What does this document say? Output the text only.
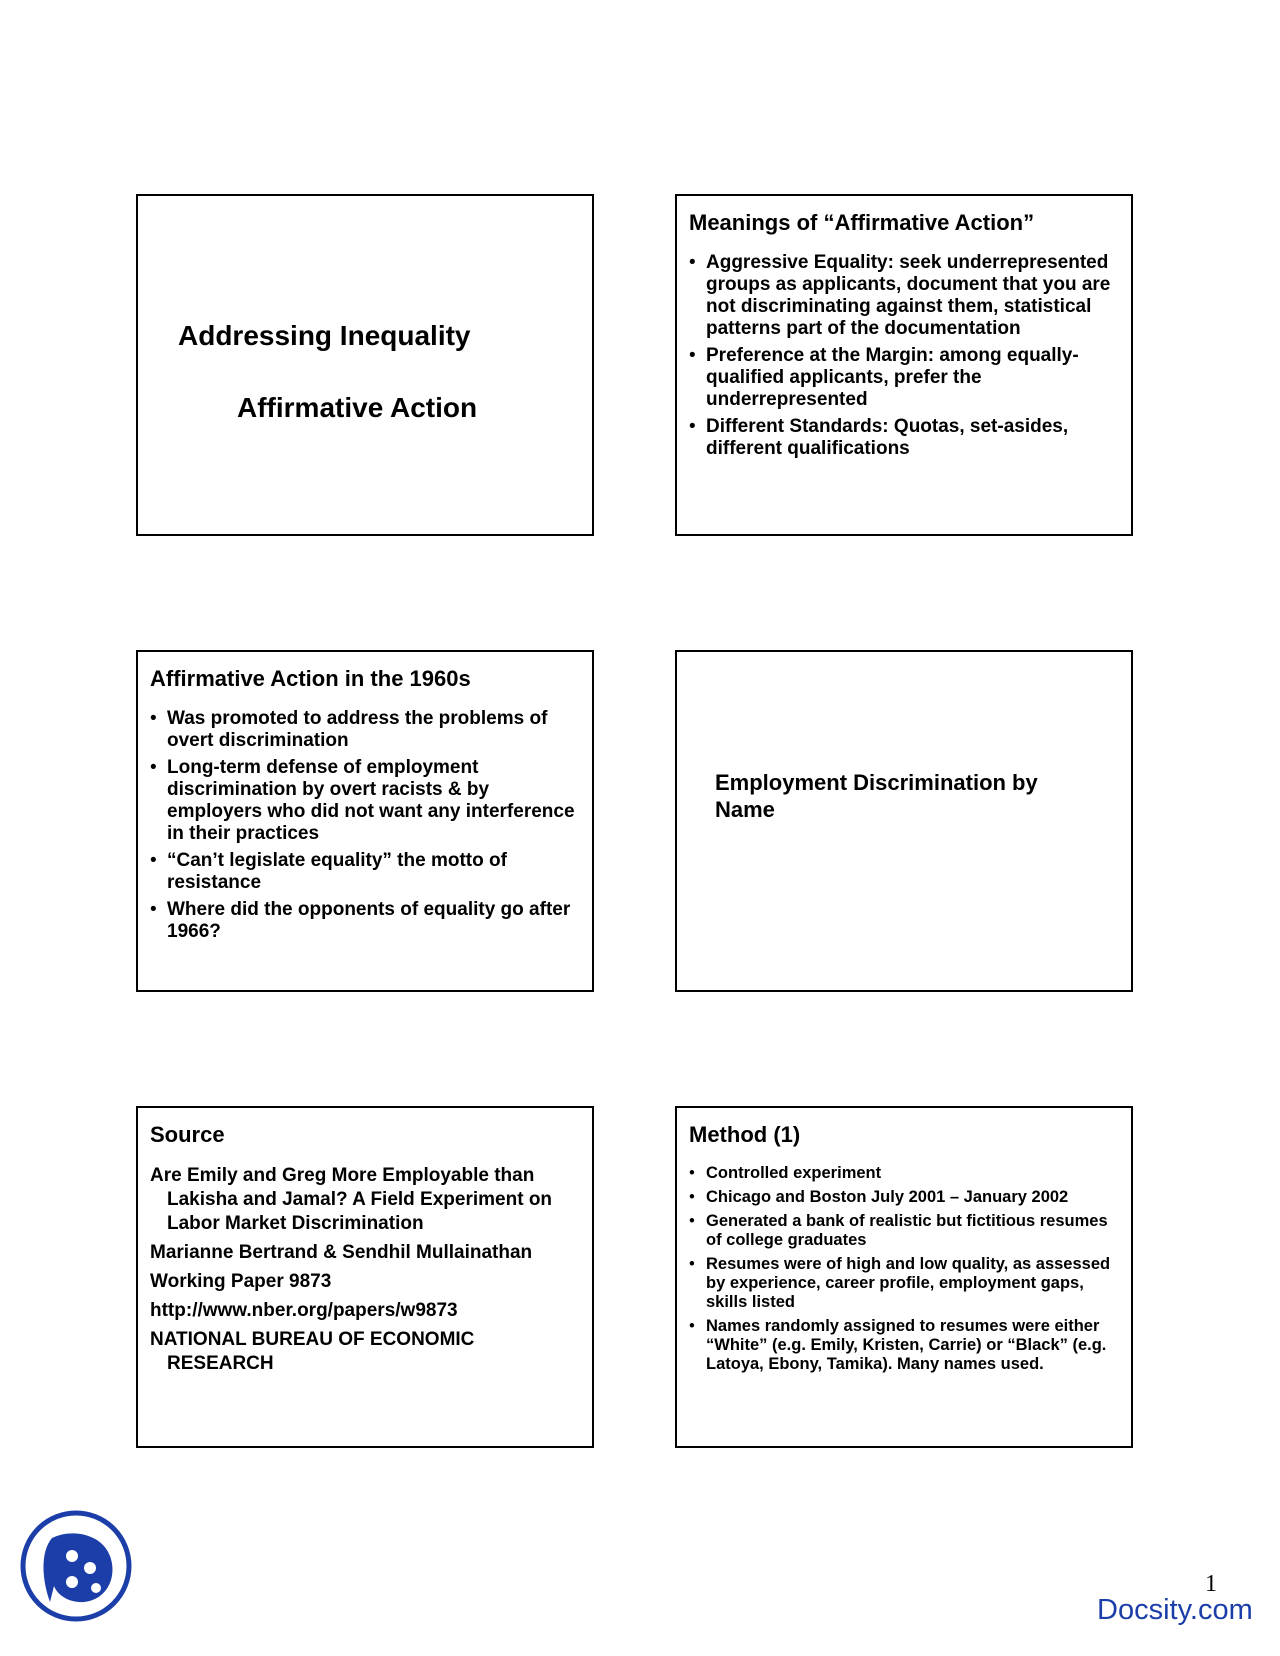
Addressing Inequality
Affirmative Action
Meanings of “Affirmative Action”
• Aggressive Equality: seek underrepresented groups as applicants, document that you are not discriminating against them, statistical patterns part of the documentation
• Preference at the Margin: among equally-qualified applicants, prefer the underrepresented
• Different Standards: Quotas, set-asides, different qualifications
Affirmative Action in the 1960s
• Was promoted to address the problems of overt discrimination
• Long-term defense of employment discrimination by overt racists & by employers who did not want any interference in their practices
• “Can’t legislate equality” the motto of resistance
• Where did the opponents of equality go after 1966?
Employment Discrimination by
Name
Source

Are Emily and Greg More Employable than Lakisha and Jamal? A Field Experiment on Labor Market Discrimination

Marianne Bertrand & Sendhil Mullainathan

Working Paper 9873

http://www.nber.org/papers/w9873

NATIONAL BUREAU OF ECONOMIC RESEARCH

Method (1)
• Controlled experiment
• Chicago and Boston July 2001 – January 2002
• Generated a bank of realistic but fictitious resumes of college graduates
• Resumes were of high and low quality, as assessed by experience, career profile, employment gaps, skills listed
• Names randomly assigned to resumes were either “White” (e.g. Emily, Kristen, Carrie) or “Black” (e.g. Latoya, Ebony, Tamika). Many names used.
1
Docsity.com
